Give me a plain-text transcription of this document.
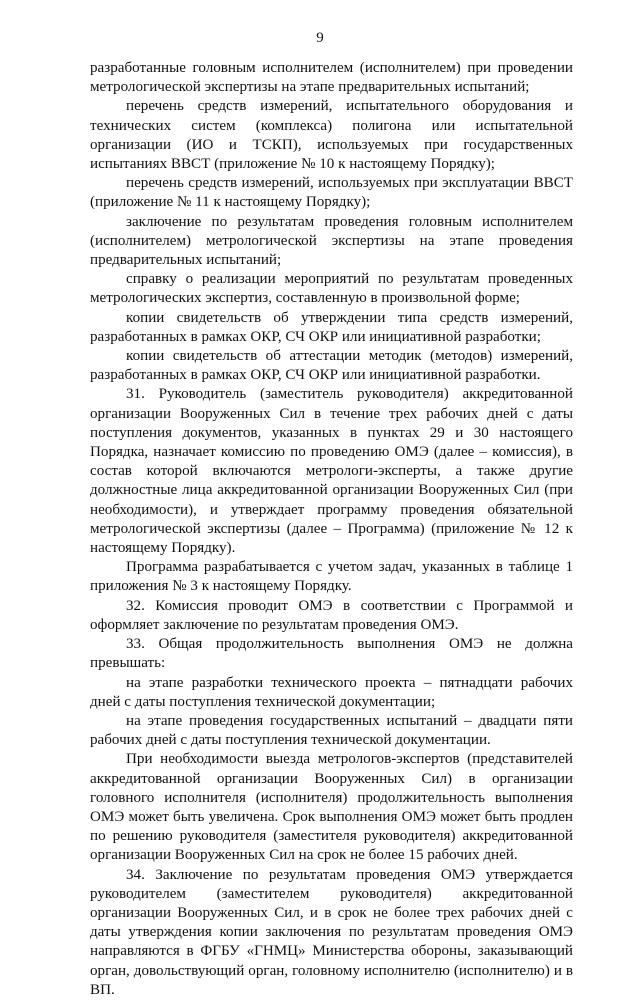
9

разработанные головным исполнителем (исполнителем) при проведении метрологической экспертизы на этапе предварительных испытаний;

перечень средств измерений, испытательного оборудования и технических систем (комплекса) полигона или испытательной организации (ИО и ТСКП), используемых при государственных испытаниях ВВСТ (приложение № 10 к настоящему Порядку);

перечень средств измерений, используемых при эксплуатации ВВСТ (приложение № 11 к настоящему Порядку);

заключение по результатам проведения головным исполнителем (исполнителем) метрологической экспертизы на этапе проведения предварительных испытаний;

справку о реализации мероприятий по результатам проведенных метрологических экспертиз, составленную в произвольной форме;

копии свидетельств об утверждении типа средств измерений, разработанных в рамках ОКР, СЧ ОКР или инициативной разработки;

копии свидетельств об аттестации методик (методов) измерений, разработанных в рамках ОКР, СЧ ОКР или инициативной разработки.

31. Руководитель (заместитель руководителя) аккредитованной организации Вооруженных Сил в течение трех рабочих дней с даты поступления документов, указанных в пунктах 29 и 30 настоящего Порядка, назначает комиссию по проведению ОМЭ (далее – комиссия), в состав которой включаются метрологи-эксперты, а также другие должностные лица аккредитованной организации Вооруженных Сил (при необходимости), и утверждает программу проведения обязательной метрологической экспертизы (далее – Программа) (приложение № 12 к настоящему Порядку).

Программа разрабатывается с учетом задач, указанных в таблице 1 приложения № 3 к настоящему Порядку.

32. Комиссия проводит ОМЭ в соответствии с Программой и оформляет заключение по результатам проведения ОМЭ.

33. Общая продолжительность выполнения ОМЭ не должна превышать:

на этапе разработки технического проекта – пятнадцати рабочих дней с даты поступления технической документации;

на этапе проведения государственных испытаний – двадцати пяти рабочих дней с даты поступления технической документации.

При необходимости выезда метрологов-экспертов (представителей аккредитованной организации Вооруженных Сил) в организации головного исполнителя (исполнителя) продолжительность выполнения ОМЭ может быть увеличена. Срок выполнения ОМЭ может быть продлен по решению руководителя (заместителя руководителя) аккредитованной организации Вооруженных Сил на срок не более 15 рабочих дней.

34. Заключение по результатам проведения ОМЭ утверждается руководителем (заместителем руководителя) аккредитованной организации Вооруженных Сил, и в срок не более трех рабочих дней с даты утверждения копии заключения по результатам проведения ОМЭ направляются в ФГБУ «ГНМЦ» Министерства обороны, заказывающий орган, довольствующий орган, головному исполнителю (исполнителю) и в ВП.
